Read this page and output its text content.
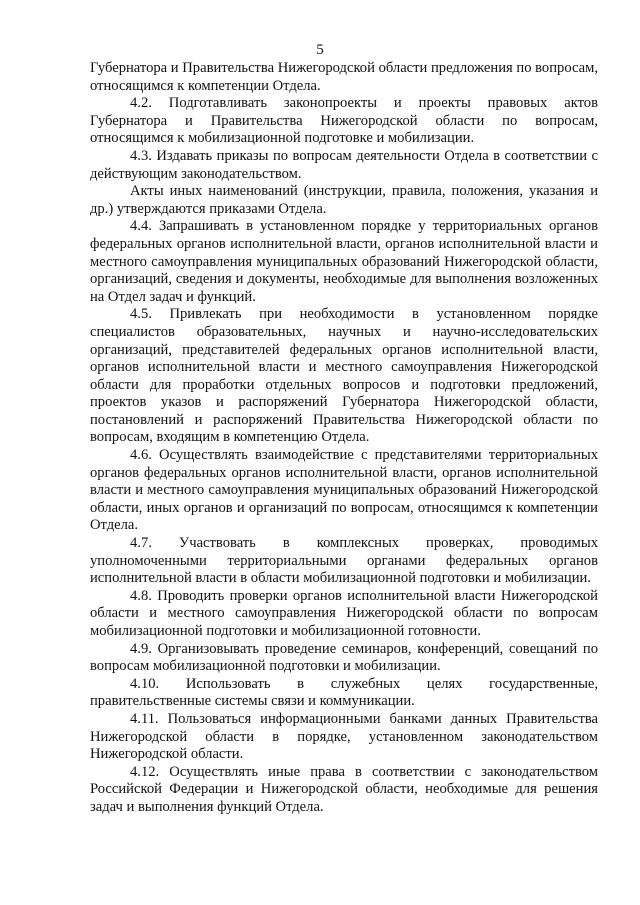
5

Губернатора и Правительства Нижегородской области предложения по вопросам, относящимся к компетенции Отдела.

4.2. Подготавливать законопроекты и проекты правовых актов Губернатора и Правительства Нижегородской области по вопросам, относящимся к мобилизационной подготовке и мобилизации.

4.3. Издавать приказы по вопросам деятельности Отдела в соответствии с действующим законодательством.

Акты иных наименований (инструкции, правила, положения, указания и др.) утверждаются приказами Отдела.

4.4. Запрашивать в установленном порядке у территориальных органов федеральных органов исполнительной власти, органов исполнительной власти и местного самоуправления муниципальных образований Нижегородской области, организаций, сведения и документы, необходимые для выполнения возложенных на Отдел задач и функций.

4.5. Привлекать при необходимости в установленном порядке специалистов образовательных, научных и научно-исследовательских организаций, представителей федеральных органов исполнительной власти, органов исполнительной власти и местного самоуправления Нижегородской области для проработки отдельных вопросов и подготовки предложений, проектов указов и распоряжений Губернатора Нижегородской области, постановлений и распоряжений Правительства Нижегородской области по вопросам, входящим в компетенцию Отдела.

4.6. Осуществлять взаимодействие с представителями территориальных органов федеральных органов исполнительной власти, органов исполнительной власти и местного самоуправления муниципальных образований Нижегородской области, иных органов и организаций по вопросам, относящимся к компетенции Отдела.

4.7. Участвовать в комплексных проверках, проводимых уполномоченными территориальными органами федеральных органов исполнительной власти в области мобилизационной подготовки и мобилизации.

4.8. Проводить проверки органов исполнительной власти Нижегородской области и местного самоуправления Нижегородской области по вопросам мобилизационной подготовки и мобилизационной готовности.

4.9. Организовывать проведение семинаров, конференций, совещаний по вопросам мобилизационной подготовки и мобилизации.

4.10. Использовать в служебных целях государственные, правительственные системы связи и коммуникации.

4.11. Пользоваться информационными банками данных Правительства Нижегородской области в порядке, установленном законодательством Нижегородской области.

4.12. Осуществлять иные права в соответствии с законодательством Российской Федерации и Нижегородской области, необходимые для решения задач и выполнения функций Отдела.
